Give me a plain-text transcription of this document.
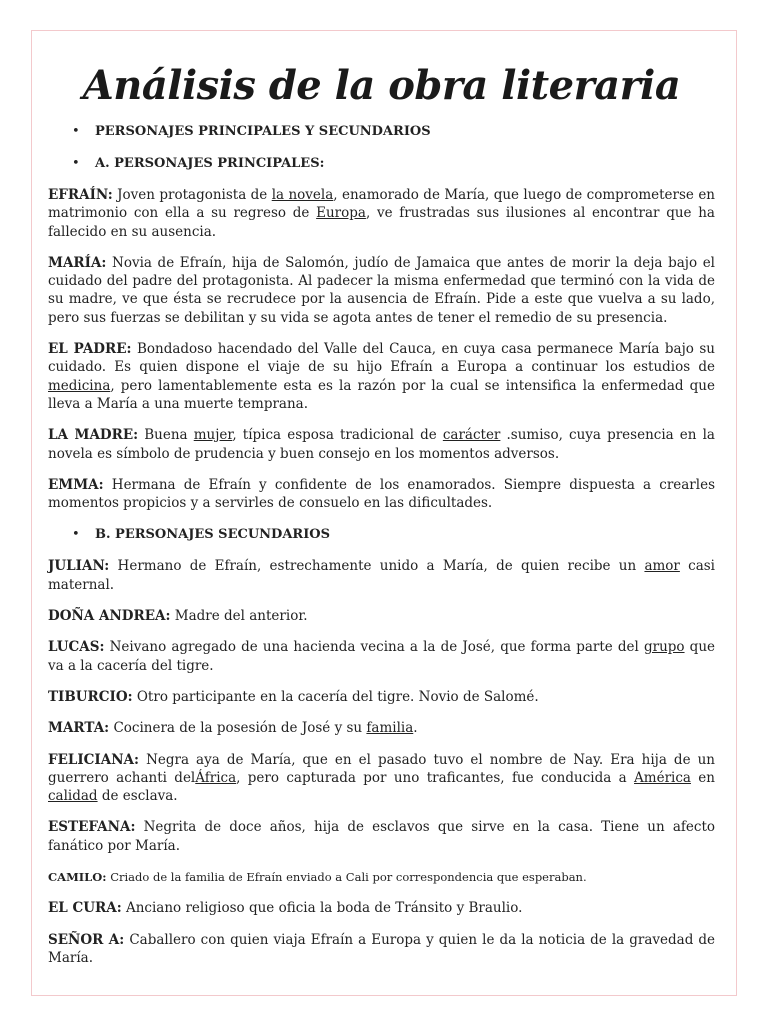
Análisis de la obra literaria
• PERSONAJES PRINCIPALES Y SECUNDARIOS
• A. PERSONAJES PRINCIPALES:

EFRAÍN: Joven protagonista de la novela, enamorado de María, que luego de comprometerse en matrimonio con ella a su regreso de Europa, ve frustradas sus ilusiones al encontrar que ha fallecido en su ausencia.

MARÍA: Novia de Efraín, hija de Salomón, judío de Jamaica que antes de morir la deja bajo el cuidado del padre del protagonista. Al padecer la misma enfermedad que terminó con la vida de su madre, ve que ésta se recrudece por la ausencia de Efraín. Pide a este que vuelva a su lado, pero sus fuerzas se debilitan y su vida se agota antes de tener el remedio de su presencia.

EL PADRE: Bondadoso hacendado del Valle del Cauca, en cuya casa permanece María bajo su cuidado. Es quien dispone el viaje de su hijo Efraín a Europa a continuar los estudios de medicina, pero lamentablemente esta es la razón por la cual se intensifica la enfermedad que lleva a María a una muerte temprana.

LA MADRE: Buena mujer, típica esposa tradicional de carácter .sumiso, cuya presencia en la novela es símbolo de prudencia y buen consejo en los momentos adversos.

EMMA: Hermana de Efraín y confidente de los enamorados. Siempre dispuesta a crearles momentos propicios y a servirles de consuelo en las dificultades.

• B. PERSONAJES SECUNDARIOS

JULIAN: Hermano de Efraín, estrechamente unido a María, de quien recibe un amor casi maternal.

DOÑA ANDREA: Madre del anterior.

LUCAS: Neivano agregado de una hacienda vecina a la de José, que forma parte del grupo que va a la cacería del tigre.

TIBURCIO: Otro participante en la cacería del tigre. Novio de Salomé.

MARTA: Cocinera de la posesión de José y su familia.

FELICIANA: Negra aya de María, que en el pasado tuvo el nombre de Nay. Era hija de un guerrero achanti delÁfrica, pero capturada por uno traficantes, fue conducida a América en calidad de esclava.

ESTEFANA: Negrita de doce años, hija de esclavos que sirve en la casa. Tiene un afecto fanático por María.

CAMILO: Criado de la familia de Efraín enviado a Cali por correspondencia que esperaban.

EL CURA: Anciano religioso que oficia la boda de Tránsito y Braulio.

SEÑOR A: Caballero con quien viaja Efraín a Europa y quien le da la noticia de la gravedad de María.
